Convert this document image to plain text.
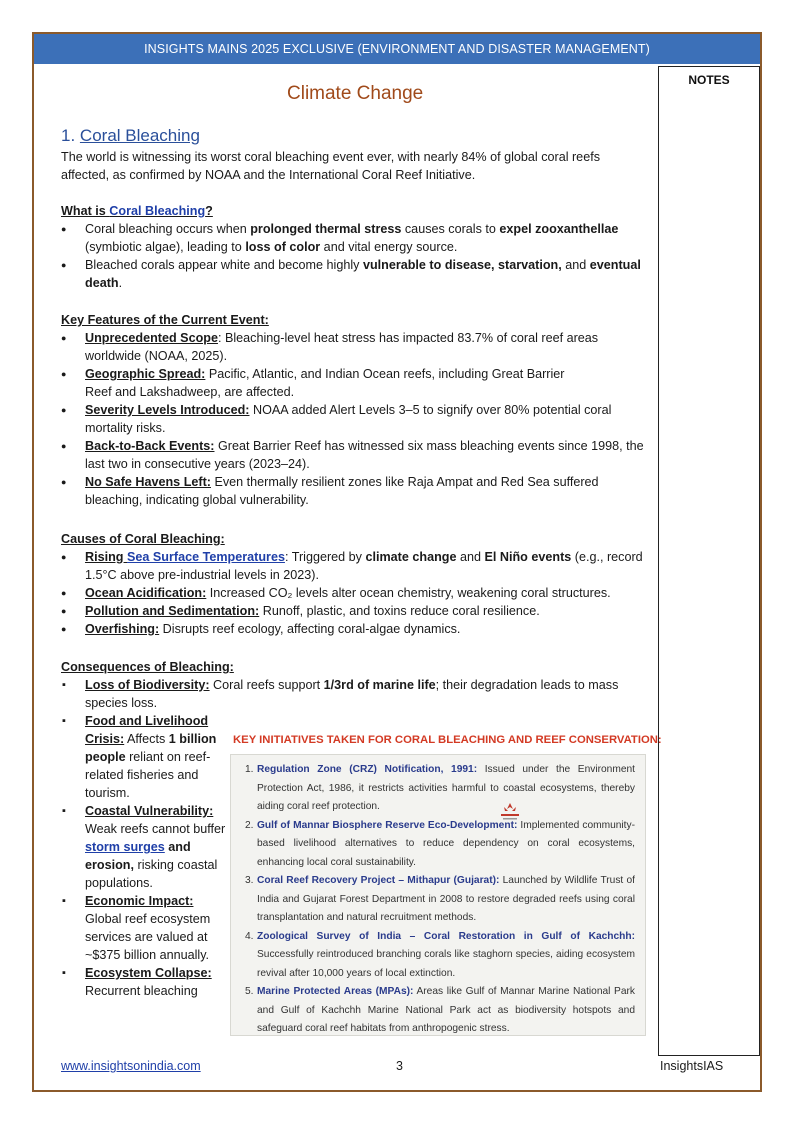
INSIGHTS MAINS 2025 EXCLUSIVE (ENVIRONMENT AND DISASTER MANAGEMENT)
NOTES
Climate Change
1. Coral Bleaching
The world is witnessing its worst coral bleaching event ever, with nearly 84% of global coral reefs affected, as confirmed by NOAA and the International Coral Reef Initiative.
What is Coral Bleaching?
● Coral bleaching occurs when prolonged thermal stress causes corals to expel zooxanthellae (symbiotic algae), leading to loss of color and vital energy source.
● Bleached corals appear white and become highly vulnerable to disease, starvation, and eventual death.
Key Features of the Current Event:
● Unprecedented Scope: Bleaching-level heat stress has impacted 83.7% of coral reef areas worldwide (NOAA, 2025).
● Geographic Spread: Pacific, Atlantic, and Indian Ocean reefs, including Great Barrier
Reef and Lakshadweep, are affected.
● Severity Levels Introduced: NOAA added Alert Levels 3–5 to signify over 80% potential coral mortality risks.
● Back-to-Back Events: Great Barrier Reef has witnessed six mass bleaching events since 1998, the last two in consecutive years (2023–24).
● No Safe Havens Left: Even thermally resilient zones like Raja Ampat and Red Sea suffered bleaching, indicating global vulnerability.
Causes of Coral Bleaching:
● Rising Sea Surface Temperatures: Triggered by climate change and El Niño events (e.g., record 1.5°C above pre-industrial levels in 2023).
● Ocean Acidification: Increased CO₂ levels alter ocean chemistry, weakening coral structures.
● Pollution and Sedimentation: Runoff, plastic, and toxins reduce coral resilience.
● Overfishing: Disrupts reef ecology, affecting coral-algae dynamics.
Consequences of Bleaching:
▪ Loss of Biodiversity: Coral reefs support 1/3rd of marine life; their degradation leads to mass species loss.
▪ Food and Livelihood Crisis: Affects 1 billion people reliant on reef-related fisheries and tourism.
▪ Coastal Vulnerability: Weak reefs cannot buffer storm surges and erosion, risking coastal populations.
▪ Economic Impact: Global reef ecosystem services are valued at ~$375 billion annually.
▪ Ecosystem Collapse: Recurrent bleaching
KEY INITIATIVES TAKEN FOR CORAL BLEACHING AND REEF CONSERVATION:
1. Regulation Zone (CRZ) Notification, 1991: Issued under the Environment Protection Act, 1986, it restricts activities harmful to coastal ecosystems, thereby aiding coral reef protection.
2. Gulf of Mannar Biosphere Reserve Eco-Development: Implemented community-based livelihood alternatives to reduce dependency on coral ecosystems, enhancing local coral sustainability.
3. Coral Reef Recovery Project – Mithapur (Gujarat): Launched by Wildlife Trust of India and Gujarat Forest Department in 2008 to restore degraded reefs using coral transplantation and natural recruitment methods.
4. Zoological Survey of India – Coral Restoration in Gulf of Kachchh: Successfully reintroduced branching corals like staghorn species, aiding ecosystem revival after 10,000 years of local extinction.
5. Marine Protected Areas (MPAs): Areas like Gulf of Mannar Marine National Park and Gulf of Kachchh Marine National Park act as biodiversity hotspots and safeguard coral reef habitats from anthropogenic stress.
www.insightsonindia.com	3	InsightsIAS
